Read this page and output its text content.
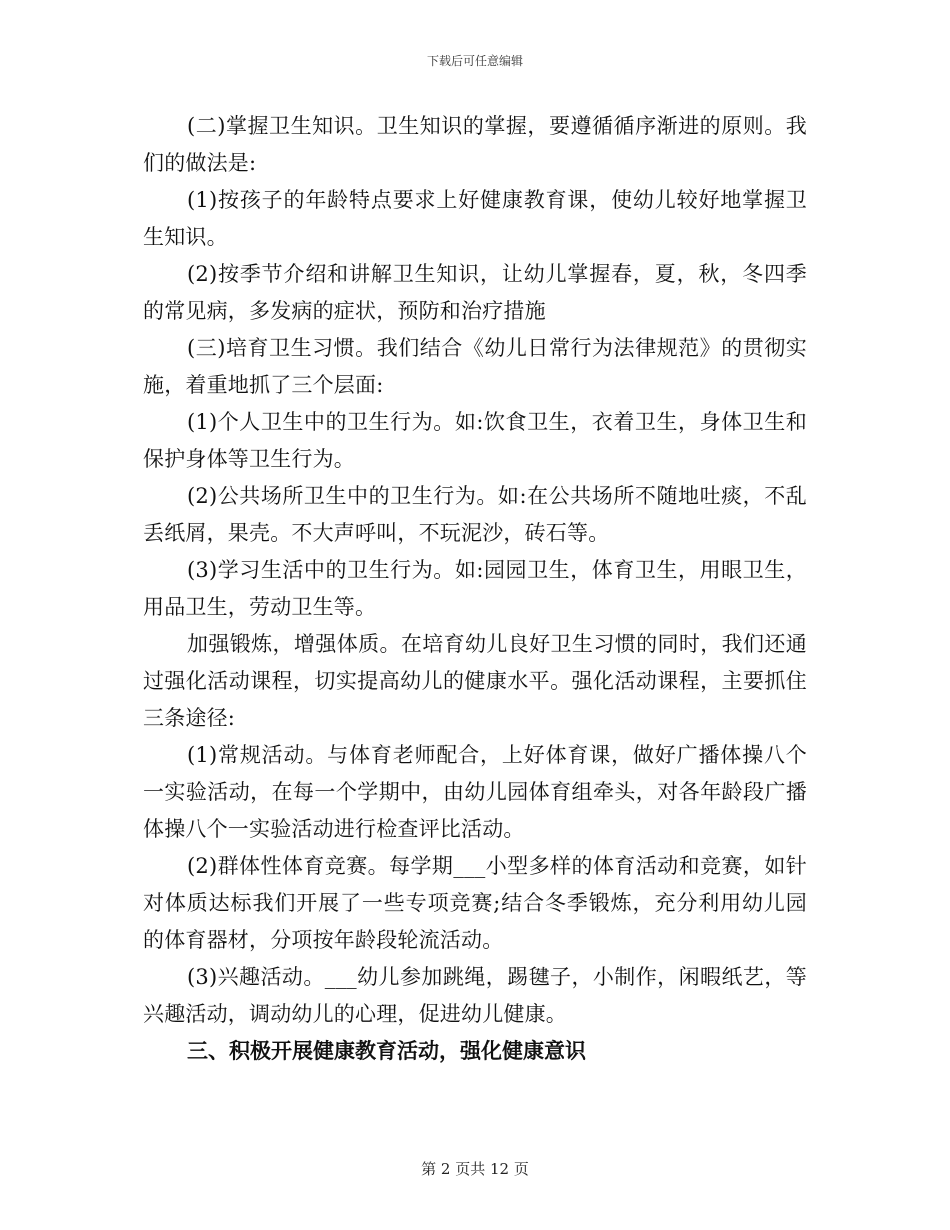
下载后可任意编辑

(二)掌握卫生知识。卫生知识的掌握，要遵循循序渐进的原则。我们的做法是:

(1)按孩子的年龄特点要求上好健康教育课，使幼儿较好地掌握卫生知识。

(2)按季节介绍和讲解卫生知识，让幼儿掌握春，夏，秋，冬四季的常见病，多发病的症状，预防和治疗措施

(三)培育卫生习惯。我们结合《幼儿日常行为法律规范》的贯彻实施，着重地抓了三个层面:

(1)个人卫生中的卫生行为。如:饮食卫生，衣着卫生，身体卫生和保护身体等卫生行为。

(2)公共场所卫生中的卫生行为。如:在公共场所不随地吐痰，不乱丢纸屑，果壳。不大声呼叫，不玩泥沙，砖石等。

(3)学习生活中的卫生行为。如:园园卫生，体育卫生，用眼卫生，用品卫生，劳动卫生等。

加强锻炼，增强体质。在培育幼儿良好卫生习惯的同时，我们还通过强化活动课程，切实提高幼儿的健康水平。强化活动课程，主要抓住三条途径:

(1)常规活动。与体育老师配合，上好体育课，做好广播体操八个一实验活动，在每一个学期中，由幼儿园体育组牵头，对各年龄段广播体操八个一实验活动进行检查评比活动。

(2)群体性体育竞赛。每学期___小型多样的体育活动和竞赛，如针对体质达标我们开展了一些专项竞赛;结合冬季锻炼，充分利用幼儿园的体育器材，分项按年龄段轮流活动。

(3)兴趣活动。___幼儿参加跳绳，踢毽子，小制作，闲暇纸艺，等兴趣活动，调动幼儿的心理，促进幼儿健康。

三、积极开展健康教育活动，强化健康意识

第 2 页共 12 页
